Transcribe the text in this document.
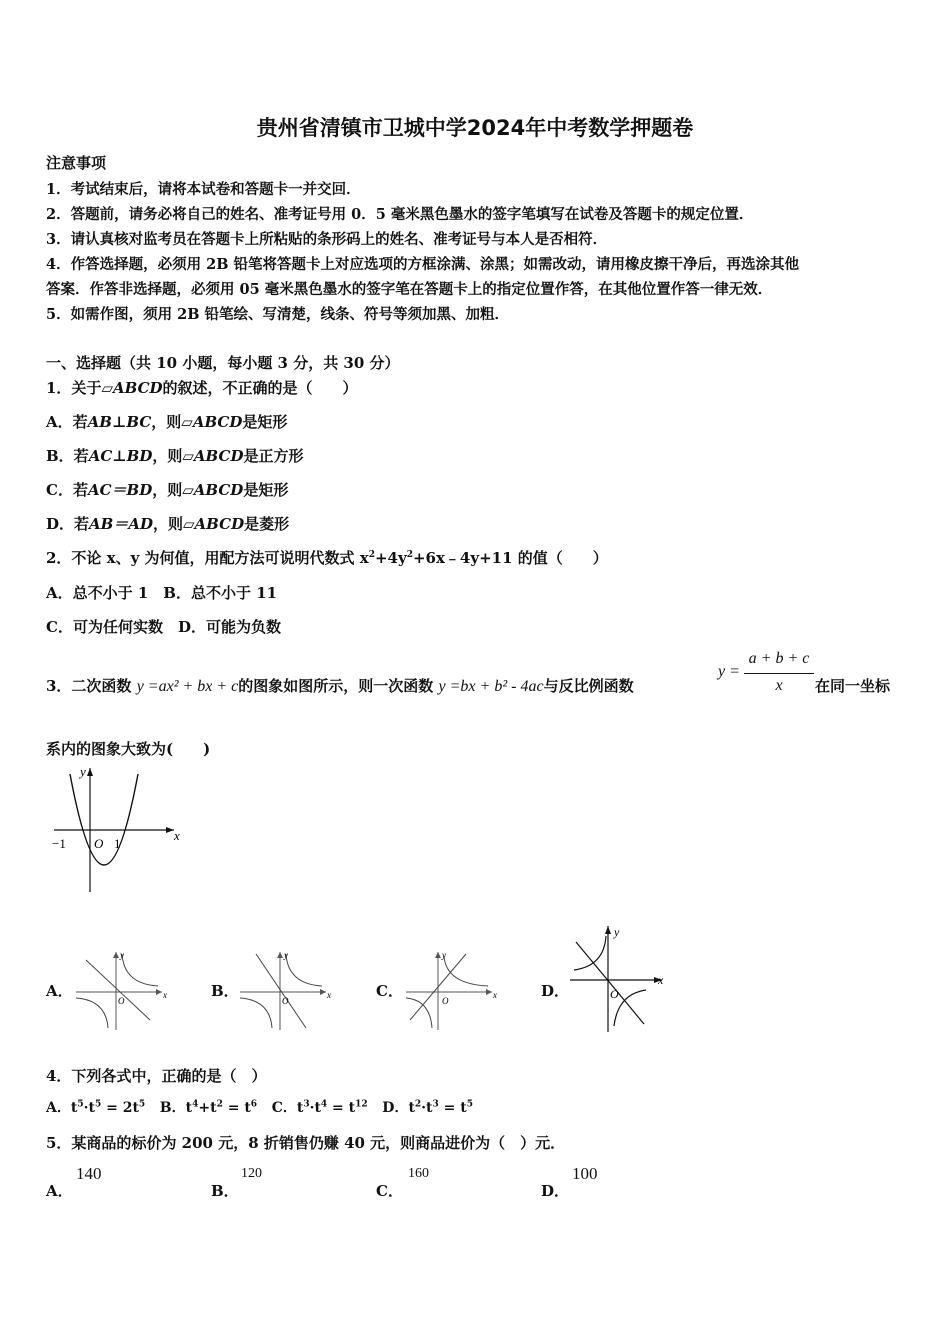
贵州省清镇市卫城中学2024年中考数学押题卷
注意事项
1．考试结束后，请将本试卷和答题卡一并交回．
2．答题前，请务必将自己的姓名、准考证号用 0．5 毫米黑色墨水的签字笔填写在试卷及答题卡的规定位置．
3．请认真核对监考员在答题卡上所粘贴的条形码上的姓名、准考证号与本人是否相符．
4．作答选择题，必须用 2B 铅笔将答题卡上对应选项的方框涂满、涂黑；如需改动，请用橡皮擦干净后，再选涂其他
答案．作答非选择题，必须用 05 毫米黑色墨水的签字笔在答题卡上的指定位置作答，在其他位置作答一律无效．
5．如需作图，须用 2B 铅笔绘、写清楚，线条、符号等须加黑、加粗．
一、选择题（共 10 小题，每小题 3 分，共 30 分）
1．关于▱ABCD的叙述，不正确的是（　　）
A．若AB⊥BC，则▱ABCD是矩形
B．若AC⊥BD，则▱ABCD是正方形
C．若AC＝BD，则▱ABCD是矩形
D．若AB＝AD，则▱ABCD是菱形
2．不论 x、y 为何值，用配方法可说明代数式 $x^2+4y^2+6x﹣4y+11$ 的值（　　）
A．总不小于 1　B．总不小于 11
C．可为任何实数　D．可能为负数
3．二次函数 y =ax² + bx + c的图象如图所示，则一次函数 y =bx + b² - 4ac与反比例函数
y =
a + b + c
x	在同一坐标
系内的图象大致为(　　)
y
x
O
−1	1
A．	B．	C．	D．
y
x
O
y
x
O
y
x
O
y
x
O
4．下列各式中，正确的是（　）
A．$t^5\cdot t^5 = 2t^5$ B．$t^4+t^2 = t^6$ C．$t^3\cdot t^4 = t^{12}$ D．$t^2\cdot t^3 = t^5$
5．某商品的标价为 200 元，8 折销售仍赚 40 元，则商品进价为（　）元．
A．
140
B．
120
C．
160
D．
100
